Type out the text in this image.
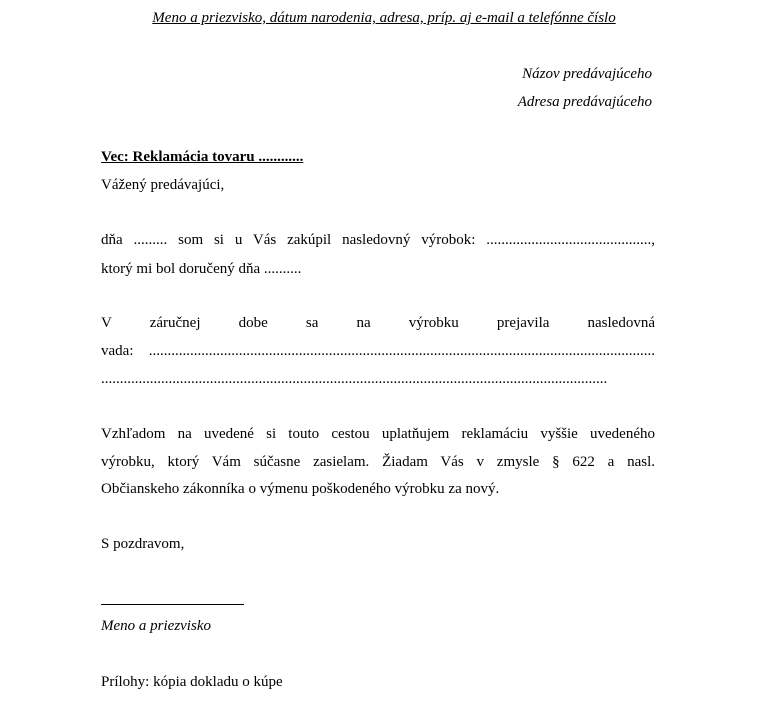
Meno a priezvisko, dátum narodenia, adresa, príp. aj e-mail a telefónne číslo
Názov predávajúceho
Adresa predávajúceho
Vec: Reklamácia tovaru ............
Vážený predávajúci,
dňa ......... som si u Vás zakúpil nasledovný výrobok: ............................................,
ktorý mi bol doručený dňa ..........
V záručnej dobe sa na výrobku prejavila nasledovná
vada: .......................................................................................................................................
.......................................................................................................................................
Vzhľadom na uvedené si touto cestou uplatňujem reklamáciu vyššie uvedeného
výrobku, ktorý Vám súčasne zasielam. Žiadam Vás v zmysle § 622 a nasl.
Občianskeho zákonníka o výmenu poškodeného výrobku za nový.
S pozdravom,
Meno a priezvisko
Prílohy: kópia dokladu o kúpe
